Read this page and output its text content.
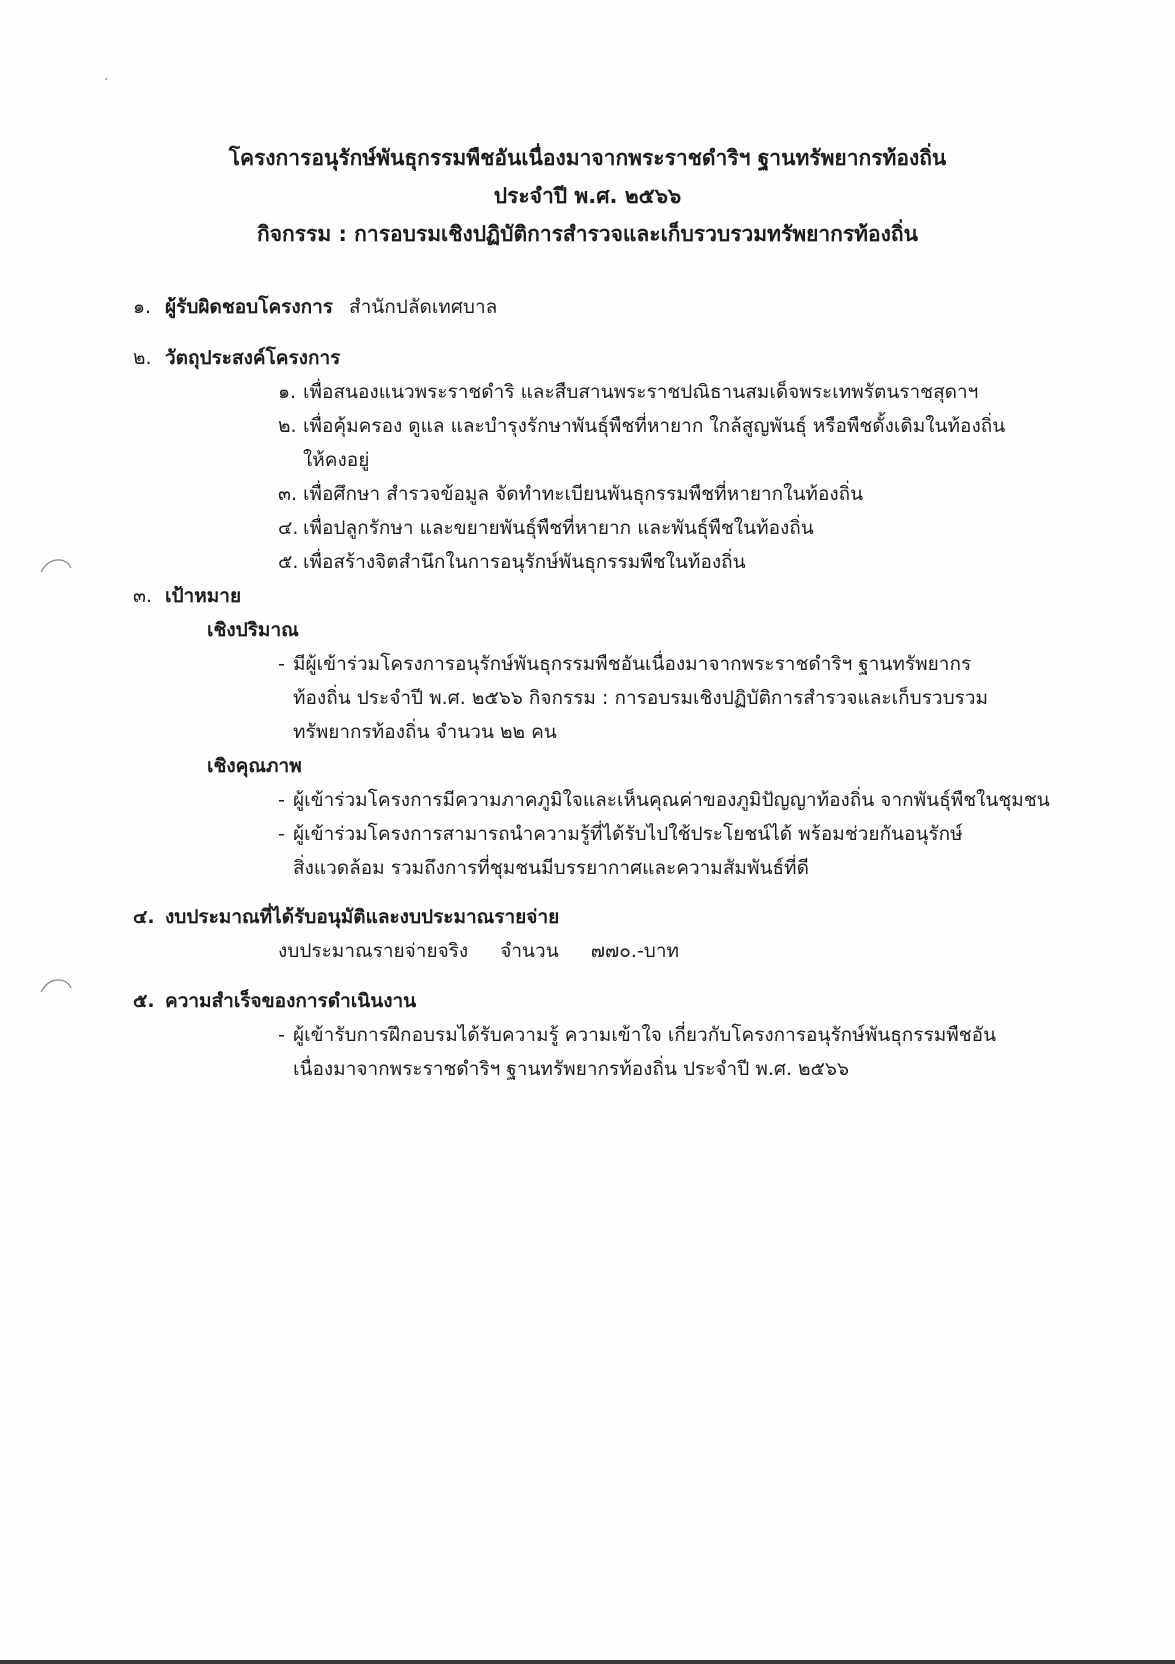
โครงการอนุรักษ์พันธุกรรมพืชอันเนื่องมาจากพระราชดำริฯ ฐานทรัพยากรท้องถิ่น
ประจำปี พ.ศ. ๒๕๖๖
กิจกรรม : การอบรมเชิงปฏิบัติการสำรวจและเก็บรวบรวมทรัพยากรท้องถิ่น
๑. ผู้รับผิดชอบโครงการ สำนักปลัดเทศบาล
๒. วัตถุประสงค์โครงการ
๑. เพื่อสนองแนวพระราชดำริ และสืบสานพระราชปณิธานสมเด็จพระเทพรัตนราชสุดาฯ
๒. เพื่อคุ้มครอง ดูแล และบำรุงรักษาพันธุ์พืชที่หายาก ใกล้สูญพันธุ์ หรือพืชดั้งเดิมในท้องถิ่น
ให้คงอยู่
๓. เพื่อศึกษา สำรวจข้อมูล จัดทำทะเบียนพันธุกรรมพืชที่หายากในท้องถิ่น
๔. เพื่อปลูกรักษา และขยายพันธุ์พืชที่หายาก และพันธุ์พืชในท้องถิ่น
๕. เพื่อสร้างจิตสำนึกในการอนุรักษ์พันธุกรรมพืชในท้องถิ่น
๓. เป้าหมาย
เชิงปริมาณ
- มีผู้เข้าร่วมโครงการอนุรักษ์พันธุกรรมพืชอันเนื่องมาจากพระราชดำริฯ ฐานทรัพยากร
ท้องถิ่น ประจำปี พ.ศ. ๒๕๖๖ กิจกรรม : การอบรมเชิงปฏิบัติการสำรวจและเก็บรวบรวม
ทรัพยากรท้องถิ่น จำนวน ๒๒ คน
เชิงคุณภาพ
- ผู้เข้าร่วมโครงการมีความภาคภูมิใจและเห็นคุณค่าของภูมิปัญญาท้องถิ่น จากพันธุ์พืชในชุมชน
- ผู้เข้าร่วมโครงการสามารถนำความรู้ที่ได้รับไปใช้ประโยชน์ได้ พร้อมช่วยกันอนุรักษ์
สิ่งแวดล้อม รวมถึงการที่ชุมชนมีบรรยากาศและความสัมพันธ์ที่ดี
๔. งบประมาณที่ได้รับอนุมัติและงบประมาณรายจ่าย
งบประมาณรายจ่ายจริง จำนวน ๗๗๐.-บาท
๕. ความสำเร็จของการดำเนินงาน
- ผู้เข้ารับการฝึกอบรมได้รับความรู้ ความเข้าใจ เกี่ยวกับโครงการอนุรักษ์พันธุกรรมพืชอัน
เนื่องมาจากพระราชดำริฯ ฐานทรัพยากรท้องถิ่น ประจำปี พ.ศ. ๒๕๖๖
